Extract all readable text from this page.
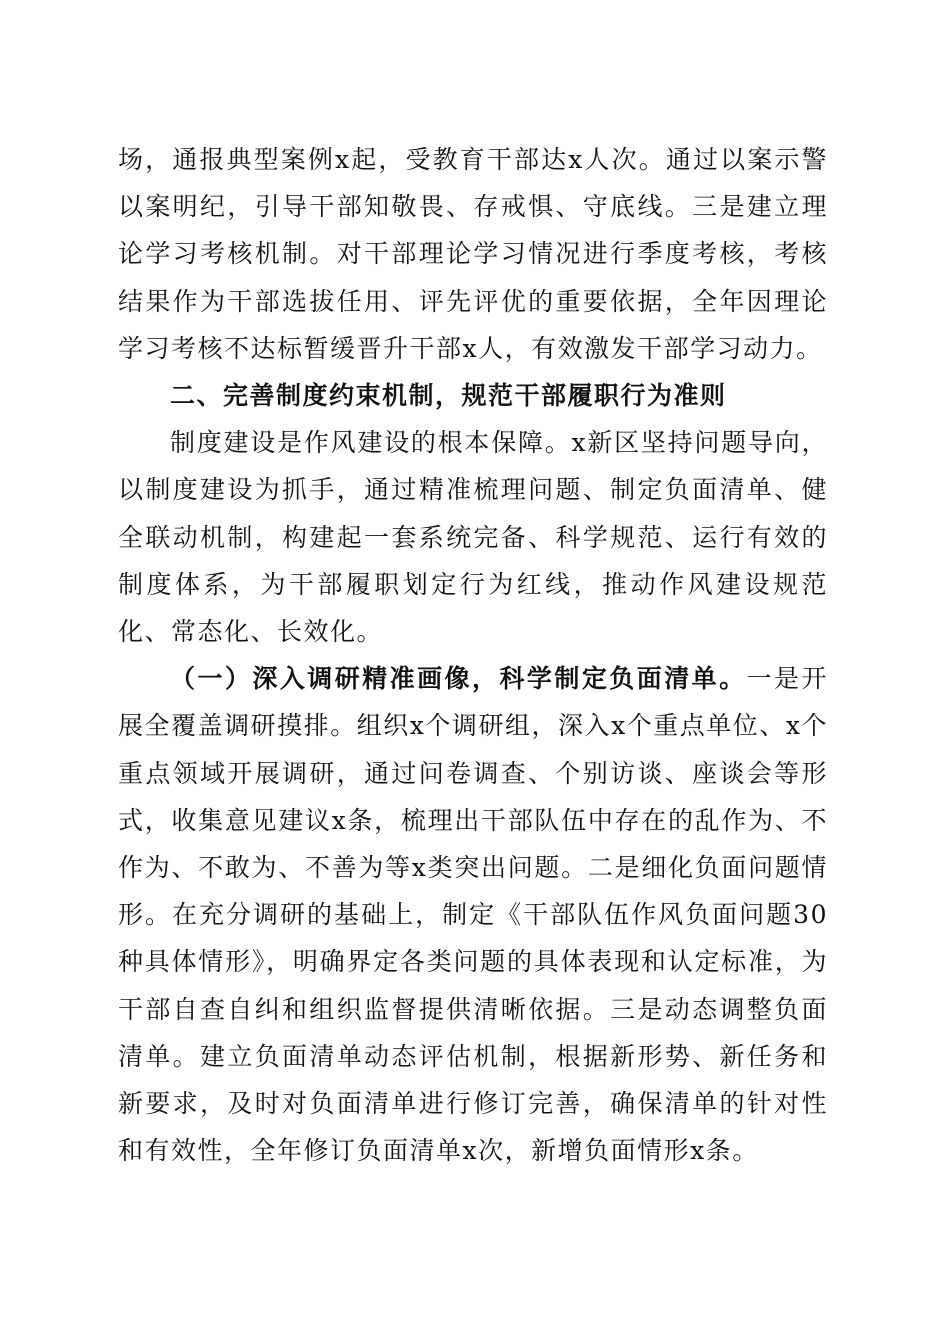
场，通报典型案例x起，受教育干部达x人次。通过以案示警以案明纪，引导干部知敬畏、存戒惧、守底线。三是建立理论学习考核机制。对干部理论学习情况进行季度考核，考核结果作为干部选拔任用、评先评优的重要依据，全年因理论学习考核不达标暂缓晋升干部x人，有效激发干部学习动力。

二、完善制度约束机制，规范干部履职行为准则

制度建设是作风建设的根本保障。x新区坚持问题导向，以制度建设为抓手，通过精准梳理问题、制定负面清单、健全联动机制，构建起一套系统完备、科学规范、运行有效的制度体系，为干部履职划定行为红线，推动作风建设规范化、常态化、长效化。

（一）深入调研精准画像，科学制定负面清单。一是开展全覆盖调研摸排。组织x个调研组，深入x个重点单位、x个重点领域开展调研，通过问卷调查、个别访谈、座谈会等形式，收集意见建议x条，梳理出干部队伍中存在的乱作为、不作为、不敢为、不善为等x类突出问题。二是细化负面问题情形。在充分调研的基础上，制定《干部队伍作风负面问题30种具体情形》，明确界定各类问题的具体表现和认定标准，为干部自查自纠和组织监督提供清晰依据。三是动态调整负面清单。建立负面清单动态评估机制，根据新形势、新任务和新要求，及时对负面清单进行修订完善，确保清单的针对性和有效性，全年修订负面清单x次，新增负面情形x条。
